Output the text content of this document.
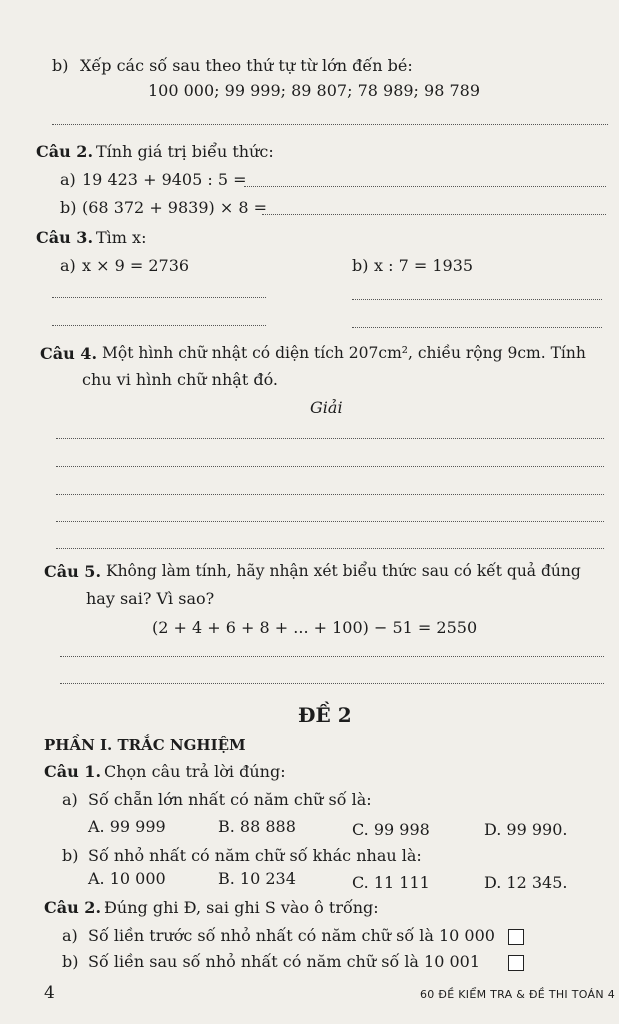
b) Xếp các số sau theo thứ tự từ lớn đến bé:
100 000; 99 999; 89 807; 78 989; 98 789
Câu 2. Tính giá trị biểu thức:
a) 19 423 + 9405 : 5 =
b) (68 372 + 9839) × 8 =
Câu 3. Tìm x:
a) x × 9 = 2736	b) x : 7 = 1935
Câu 4. Một hình chữ nhật có diện tích 207cm², chiều rộng 9cm. Tính
chu vi hình chữ nhật đó.
Giải
Câu 5. Không làm tính, hãy nhận xét biểu thức sau có kết quả đúng
hay sai? Vì sao?
(2 + 4 + 6 + 8 + ... + 100) − 51 = 2550
ĐỀ 2
PHẦN I. TRẮC NGHIỆM
Câu 1. Chọn câu trả lời đúng:
a) Số chẵn lớn nhất có năm chữ số là:
A. 99 999	B. 88 888	C. 99 998	D. 99 990.
b) Số nhỏ nhất có năm chữ số khác nhau là:
A. 10 000	B. 10 234	C. 11 111	D. 12 345.
Câu 2. Đúng ghi Đ, sai ghi S vào ô trống:
a) Số liền trước số nhỏ nhất có năm chữ số là 10 000
b) Số liền sau số nhỏ nhất có năm chữ số là 10 001
4	60 ĐỀ KIỂM TRA & ĐỀ THI TOÁN 4
